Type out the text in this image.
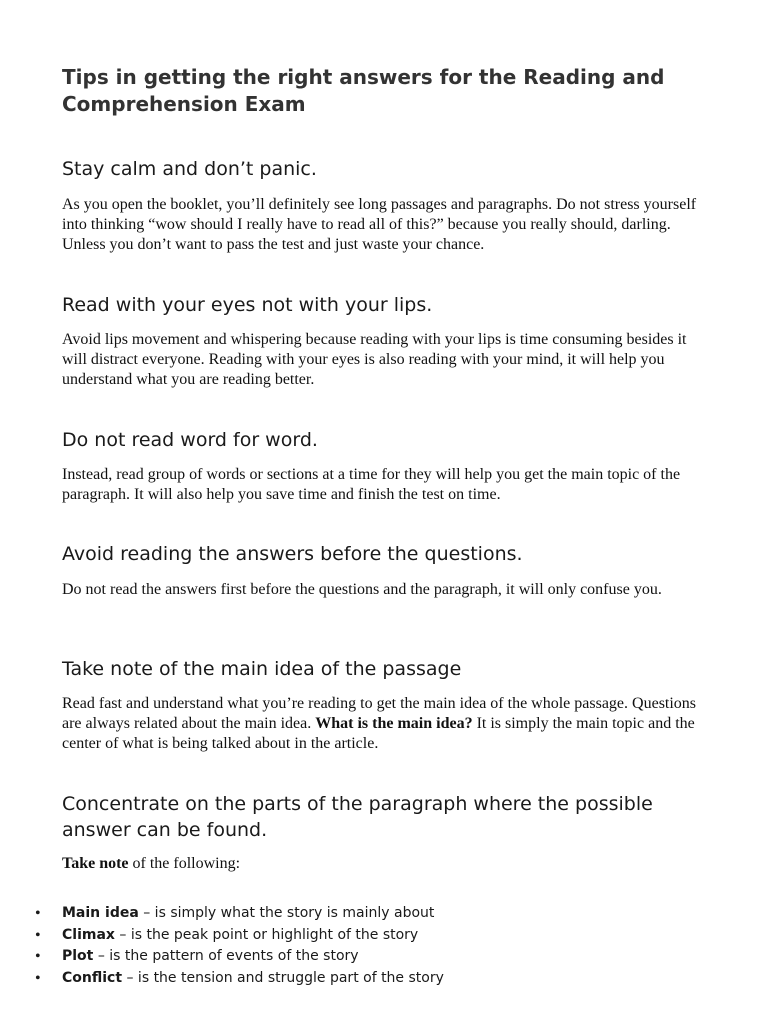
Tips in getting the right answers for the Reading and Comprehension Exam
Stay calm and don’t panic.

As you open the booklet, you’ll definitely see long passages and paragraphs. Do not stress yourself into thinking “wow should I really have to read all of this?” because you really should, darling. Unless you don’t want to pass the test and just waste your chance.

Read with your eyes not with your lips.

Avoid lips movement and whispering because reading with your lips is time consuming besides it will distract everyone. Reading with your eyes is also reading with your mind, it will help you understand what you are reading better.

Do not read word for word.

Instead, read group of words or sections at a time for they will help you get the main topic of the paragraph. It will also help you save time and finish the test on time.

Avoid reading the answers before the questions.

Do not read the answers first before the questions and the paragraph, it will only confuse you.

Take note of the main idea of the passage

Read fast and understand what you’re reading to get the main idea of the whole passage. Questions are always related about the main idea. What is the main idea? It is simply the main topic and the center of what is being talked about in the article.

Concentrate on the parts of the paragraph where the possible answer can be found.

Take note of the following:

• Main idea – is simply what the story is mainly about
• Climax – is the peak point or highlight of the story
• Plot – is the pattern of events of the story
• Conflict – is the tension and struggle part of the story
